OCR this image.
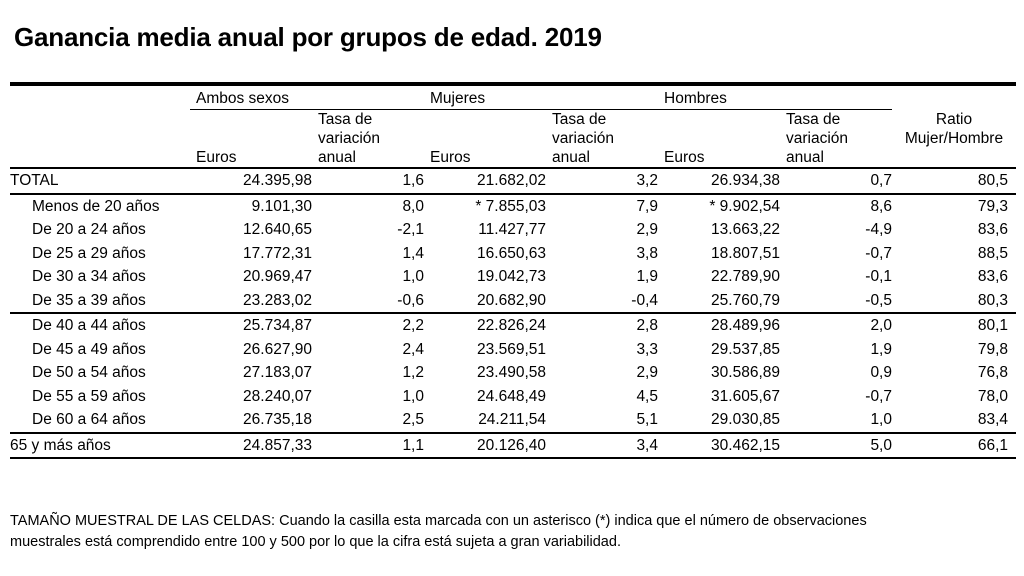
Ganancia media anual por grupos de edad. 2019

	Ambos sexos		Mujeres		Hombres		
		Tasa de		Tasa de		Tasa de	Ratio
		variación		variación		variación	Mujer/Hombre
	Euros	anual	Euros	anual	Euros	anual	

TOTAL	24.395,98	1,6	21.682,02	3,2	26.934,38	0,7	80,5

Menos de 20 años	9.101,30	8,0	* 7.855,03	7,9	* 9.902,54	8,6	79,3
De 20 a 24 años	12.640,65	-2,1	11.427,77	2,9	13.663,22	-4,9	83,6
De 25 a 29 años	17.772,31	1,4	16.650,63	3,8	18.807,51	-0,7	88,5
De 30 a 34 años	20.969,47	1,0	19.042,73	1,9	22.789,90	-0,1	83,6
De 35 a 39 años	23.283,02	-0,6	20.682,90	-0,4	25.760,79	-0,5	80,3

De 40 a 44 años	25.734,87	2,2	22.826,24	2,8	28.489,96	2,0	80,1
De 45 a 49 años	26.627,90	2,4	23.569,51	3,3	29.537,85	1,9	79,8
De 50 a 54 años	27.183,07	1,2	23.490,58	2,9	30.586,89	0,9	76,8
De 55 a 59 años	28.240,07	1,0	24.648,49	4,5	31.605,67	-0,7	78,0
De 60 a 64 años	26.735,18	2,5	24.211,54	5,1	29.030,85	1,0	83,4

65 y más años	24.857,33	1,1	20.126,40	3,4	30.462,15	5,0	66,1

TAMAÑO MUESTRAL DE LAS CELDAS: Cuando la casilla esta marcada con un asterisco (*) indica que el número de observaciones
muestrales está comprendido entre 100 y 500 por lo que la cifra está sujeta a gran variabilidad.
